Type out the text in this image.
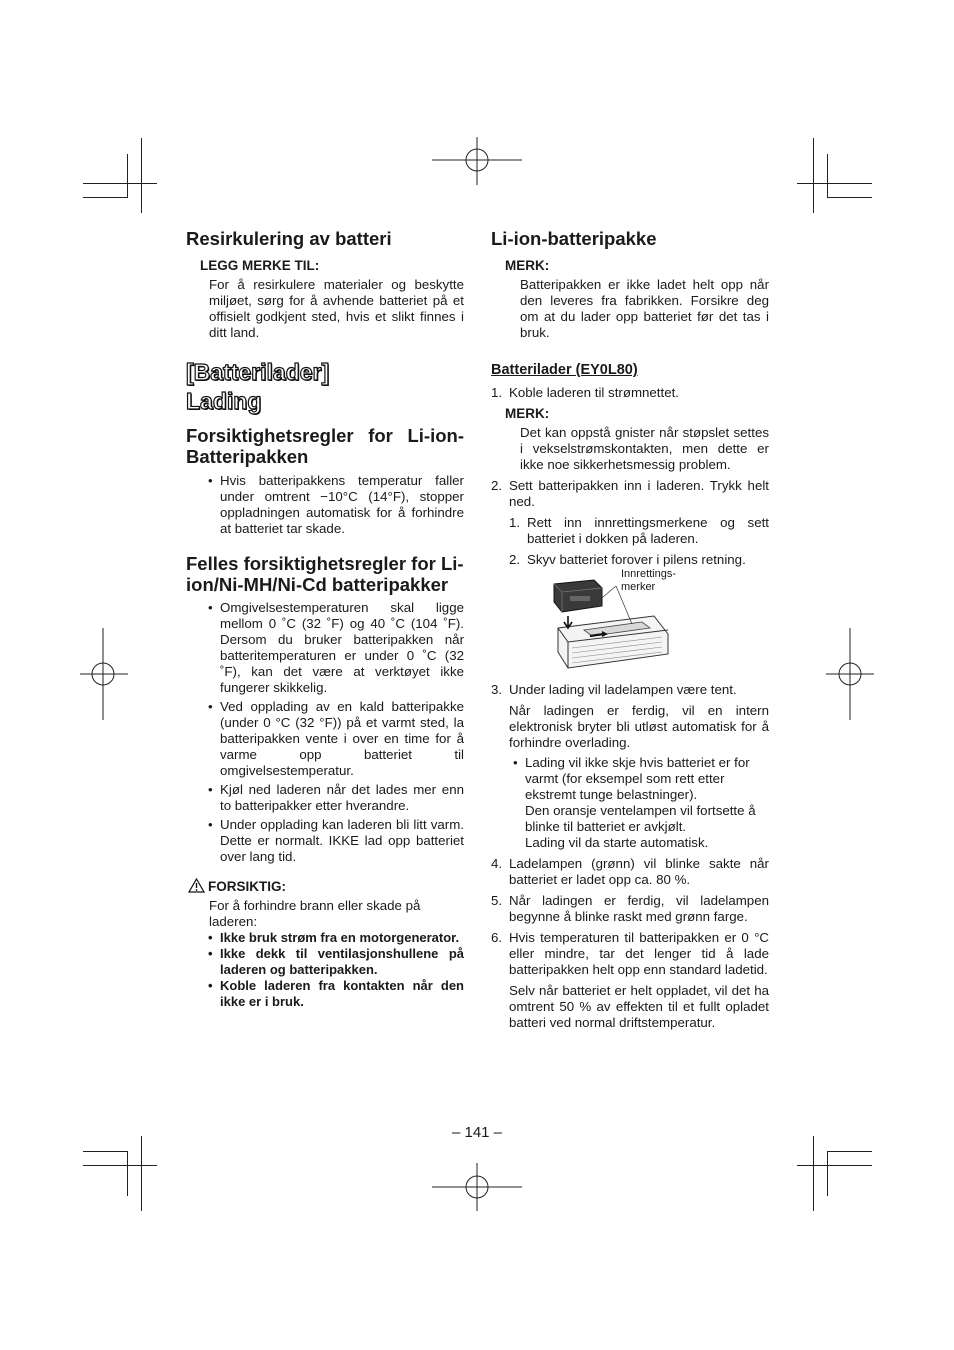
Resirkulering av batteri

LEGG MERKE TIL:

For å resirkulere materialer og beskytte miljøet, sørg for å avhende batteriet på et offisielt godkjent sted, hvis et slikt finnes i ditt land.

[Batterilader]

Lading

Forsiktighetsregler for Li-ion-Batteripakken
• Hvis batteripakkens temperatur faller under omtrent −10°C (14°F), stopper oppladningen automatisk for å forhindre at batteriet tar skade.
Felles forsiktighetsregler for Li-ion/Ni-MH/Ni-Cd batteripakker
• Omgivelsestemperaturen skal ligge mellom 0 ˚C (32 ˚F) og 40 ˚C (104 ˚F). Dersom du bruker batteripakken når batteritemperaturen er under 0 ˚C (32 ˚F), kan det være at verktøyet ikke fungerer skikkelig.
• Ved opplading av en kald batteripakke (under 0 °C (32 °F)) på et varmt sted, la batteripakken vente i over en time for å varme opp batteriet til omgivelsestemperatur.
• Kjøl ned laderen når det lades mer enn to batteripakker etter hverandre.
• Under opplading kan laderen bli litt varm. Dette er normalt. IKKE lad opp batteriet over lang tid.
FORSIKTIG:

For å forhindre brann eller skade på laderen:

• Ikke bruk strøm fra en motorgenerator.
• Ikke dekk til ventilasjonshullene på laderen og batteripakken.
• Koble laderen fra kontakten når den ikke er i bruk.
Li-ion-batteripakke

MERK:

Batteripakken er ikke ladet helt opp når den leveres fra fabrikken. Forsikre deg om at du lader opp batteriet før det tas i bruk.

Batterilader (EY0L80)

1. Koble laderen til strømnettet.

MERK:

Det kan oppstå gnister når støpslet settes i vekselstrømskontakten, men dette er ikke noe sikkerhetsmessig problem.

2. Sett batteripakken inn i laderen. Trykk helt ned.
1. Rett inn innrettingsmerkene og sett batteriet i dokken på laderen.
2. Skyv batteriet forover i pilens retning.
Innrettings-merker
3. Under lading vil ladelampen være tent.

Når ladingen er ferdig, vil en intern elektronisk bryter bli utløst automatisk for å forhindre overlading.

• Lading vil ikke skje hvis batteriet er for varmt (for eksempel som rett etter ekstremt tunge belastninger).

Den oransje ventelampen vil fortsette å blinke til batteriet er avkjølt.

Lading vil da starte automatisk.

4. Ladelampen (grønn) vil blinke sakte når batteriet er ladet opp ca. 80 %.
5. Når ladingen er ferdig, vil ladelampen begynne å blinke raskt med grønn farge.
6. Hvis temperaturen til batteripakken er 0 °C eller mindre, tar det lenger tid å lade batteripakken helt opp enn standard ladetid.

Selv når batteriet er helt oppladet, vil det ha omtrent 50 % av effekten til et fullt opladet batteri ved normal driftstemperatur.

– 141 –
